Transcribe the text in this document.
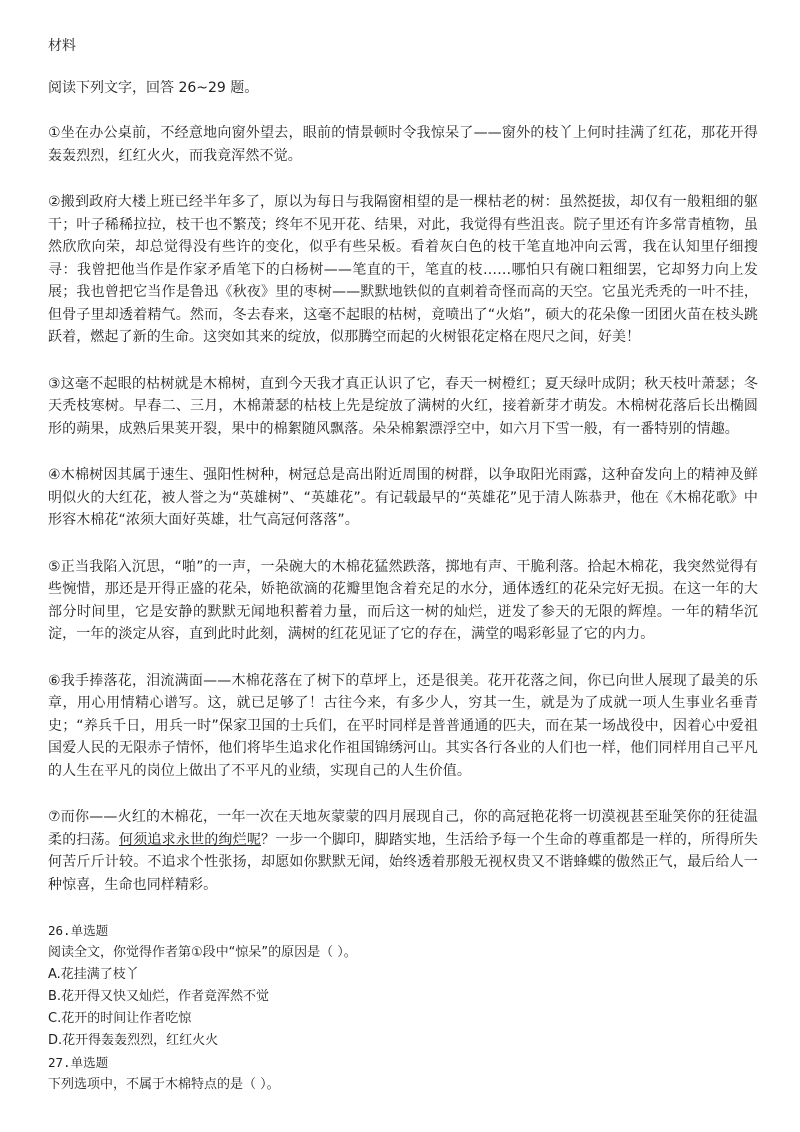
材料

阅读下列文字，回答 26~29 题。

①坐在办公桌前，不经意地向窗外望去，眼前的情景顿时令我惊呆了——窗外的枝丫上何时挂满了红花，那花开得轰轰烈烈，红红火火，而我竟浑然不觉。

②搬到政府大楼上班已经半年多了，原以为每日与我隔窗相望的是一棵枯老的树：虽然挺拔，却仅有一般粗细的躯干；叶子稀稀拉拉，枝干也不繁茂；终年不见开花、结果，对此，我觉得有些沮丧。院子里还有许多常青植物，虽然欣欣向荣，却总觉得没有些许的变化，似乎有些呆板。看着灰白色的枝干笔直地冲向云霄，我在认知里仔细搜寻：我曾把他当作是作家矛盾笔下的白杨树——笔直的干，笔直的枝……哪怕只有碗口粗细罢，它却努力向上发展；我也曾把它当作是鲁迅《秋夜》里的枣树——默默地铁似的直刺着奇怪而高的天空。它虽光秃秃的一叶不挂，但骨子里却透着精气。然而，冬去春来，这毫不起眼的枯树，竟喷出了“火焰”，硕大的花朵像一团团火苗在枝头跳跃着，燃起了新的生命。这突如其来的绽放，似那腾空而起的火树银花定格在咫尺之间，好美！

③这毫不起眼的枯树就是木棉树，直到今天我才真正认识了它，春天一树橙红；夏天绿叶成阴；秋天枝叶萧瑟；冬天秃枝寒树。早春二、三月，木棉萧瑟的枯枝上先是绽放了满树的火红，接着新芽才萌发。木棉树花落后长出椭圆形的蒴果，成熟后果荚开裂，果中的棉絮随风飘落。朵朵棉絮漂浮空中，如六月下雪一般，有一番特别的情趣。

④木棉树因其属于速生、强阳性树种，树冠总是高出附近周围的树群，以争取阳光雨露，这种奋发向上的精神及鲜明似火的大红花，被人誉之为“英雄树”、“英雄花”。有记载最早的“英雄花”见于清人陈恭尹，他在《木棉花歌》中形容木棉花“浓须大面好英雄，壮气高冠何落落”。

⑤正当我陷入沉思，“啪”的一声，一朵碗大的木棉花猛然跌落，掷地有声、干脆利落。拾起木棉花，我突然觉得有些惋惜，那还是开得正盛的花朵，娇艳欲滴的花瓣里饱含着充足的水分，通体透红的花朵完好无损。在这一年的大部分时间里，它是安静的默默无闻地积蓄着力量，而后这一树的灿烂，迸发了参天的无限的辉煌。一年的精华沉淀，一年的淡定从容，直到此时此刻，满树的红花见证了它的存在，满堂的喝彩彰显了它的内力。

⑥我手捧落花，泪流满面——木棉花落在了树下的草坪上，还是很美。花开花落之间，你已向世人展现了最美的乐章，用心用情精心谱写。这，就已足够了！古往今来，有多少人，穷其一生，就是为了成就一项人生事业名垂青史；“养兵千日，用兵一时”保家卫国的士兵们，在平时同样是普普通通的匹夫，而在某一场战役中，因着心中爱祖国爱人民的无限赤子情怀，他们将毕生追求化作祖国锦绣河山。其实各行各业的人们也一样，他们同样用自己平凡的人生在平凡的岗位上做出了不平凡的业绩，实现自己的人生价值。

⑦而你——火红的木棉花，一年一次在天地灰蒙蒙的四月展现自己，你的高冠艳花将一切漠视甚至耻笑你的狂徒温柔的扫荡。何须追求永世的绚烂呢？一步一个脚印，脚踏实地，生活给予每一个生命的尊重都是一样的，所得所失何苦斤斤计较。不追求个性张扬，却愿如你默默无闻，始终透着那般无视权贵又不谐蜂蝶的傲然正气，最后给人一种惊喜，生命也同样精彩。

26.单选题

阅读全文，你觉得作者第①段中“惊呆”的原因是（ ）。

A.花挂满了枝丫

B.花开得又快又灿烂，作者竟浑然不觉

C.花开的时间让作者吃惊

D.花开得轰轰烈烈，红红火火

27.单选题

下列选项中，不属于木棉特点的是（ ）。
